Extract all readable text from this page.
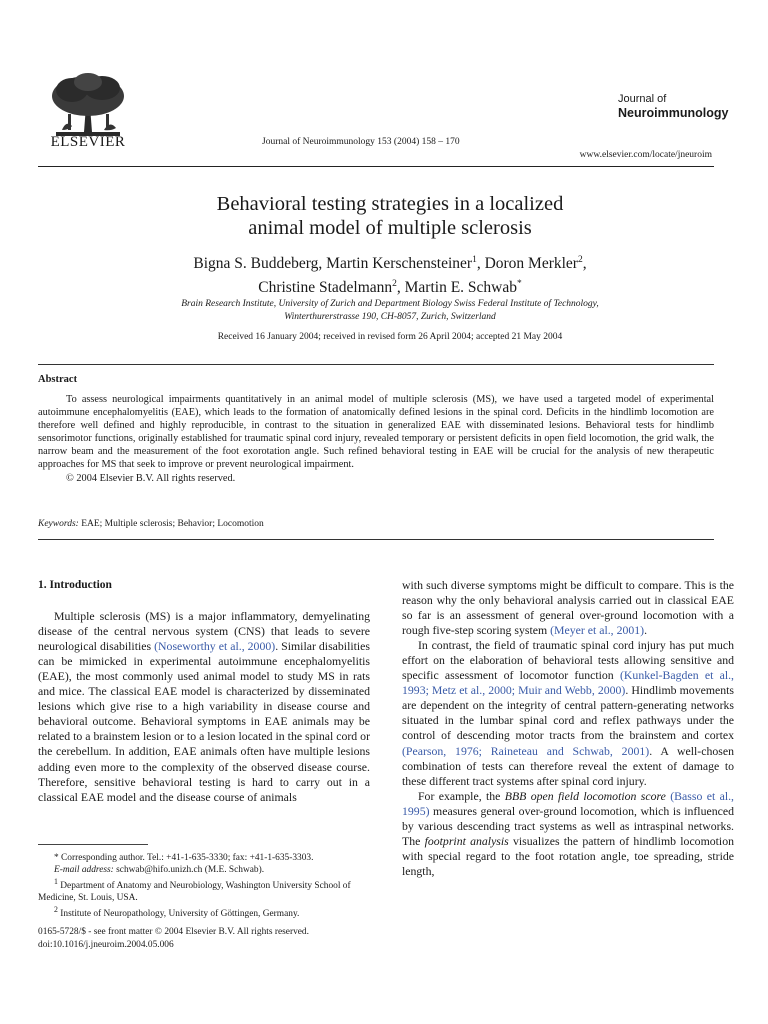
ELSEVIER	Journal of Neuroimmunology 153 (2004) 158 – 170
Journal of
Neuroimmunology
www.elsevier.com/locate/jneuroim
Behavioral testing strategies in a localized
animal model of multiple sclerosis
Bigna S. Buddeberg, Martin Kerschensteiner$^1$, Doron Merkler$^2$,
Christine Stadelmann$^2$, Martin E. Schwab*
Brain Research Institute, University of Zurich and Department Biology Swiss Federal Institute of Technology,
Winterthurerstrasse 190, CH-8057, Zurich, Switzerland
Received 16 January 2004; received in revised form 26 April 2004; accepted 21 May 2004
Abstract

To assess neurological impairments quantitatively in an animal model of multiple sclerosis (MS), we have used a targeted model of experimental autoimmune encephalomyelitis (EAE), which leads to the formation of anatomically defined lesions in the spinal cord. Deficits in the hindlimb locomotion are therefore well defined and highly reproducible, in contrast to the situation in generalized EAE with disseminated lesions. Behavioral tests for hindlimb sensorimotor functions, originally established for traumatic spinal cord injury, revealed temporary or persistent deficits in open field locomotion, the grid walk, the narrow beam and the measurement of the foot exorotation angle. Such refined behavioral testing in EAE will be crucial for the analysis of new therapeutic approaches for MS that seek to improve or prevent neurological impairment.

© 2004 Elsevier B.V. All rights reserved.

Keywords: EAE; Multiple sclerosis; Behavior; Locomotion

1. Introduction

Multiple sclerosis (MS) is a major inflammatory, demyelinating disease of the central nervous system (CNS) that leads to severe neurological disabilities (Noseworthy et al., 2000). Similar disabilities can be mimicked in experimental autoimmune encephalomyelitis (EAE), the most commonly used animal model to study MS in rats and mice. The classical EAE model is characterized by disseminated lesions which give rise to a high variability in disease course and behavioral outcome. Behavioral symptoms in EAE animals may be related to a brainstem lesion or to a lesion located in the spinal cord or the cerebellum. In addition, EAE animals often have multiple lesions adding even more to the complexity of the observed disease course. Therefore, sensitive behavioral testing is hard to carry out in a classical EAE model and the disease course of animals

with such diverse symptoms might be difficult to compare. This is the reason why the only behavioral analysis carried out in classical EAE so far is an assessment of general over-ground locomotion with a rough five-step scoring system (Meyer et al., 2001).

In contrast, the field of traumatic spinal cord injury has put much effort on the elaboration of behavioral tests allowing sensitive and specific assessment of locomotor function (Kunkel-Bagden et al., 1993; Metz et al., 2000; Muir and Webb, 2000). Hindlimb movements are dependent on the integrity of central pattern-generating networks situated in the lumbar spinal cord and reflex pathways under the control of descending motor tracts from the brainstem and cortex (Pearson, 1976; Raineteau and Schwab, 2001). A well-chosen combination of tests can therefore reveal the extent of damage to these different tract systems after spinal cord injury.

For example, the BBB open field locomotion score (Basso et al., 1995) measures general over-ground locomotion, which is influenced by various descending tract systems as well as intraspinal networks. The footprint analysis visualizes the pattern of hindlimb locomotion with special regard to the foot rotation angle, toe spreading, stride length,

* Corresponding author. Tel.: +41-1-635-3330; fax: +41-1-635-3303.
E-mail address: schwab@hifo.unizh.ch (M.E. Schwab).
$^1$ Department of Anatomy and Neurobiology, Washington University School of Medicine, St. Louis, USA.
$^2$ Institute of Neuropathology, University of Göttingen, Germany.
0165-5728/$ - see front matter © 2004 Elsevier B.V. All rights reserved.
doi:10.1016/j.jneuroim.2004.05.006
